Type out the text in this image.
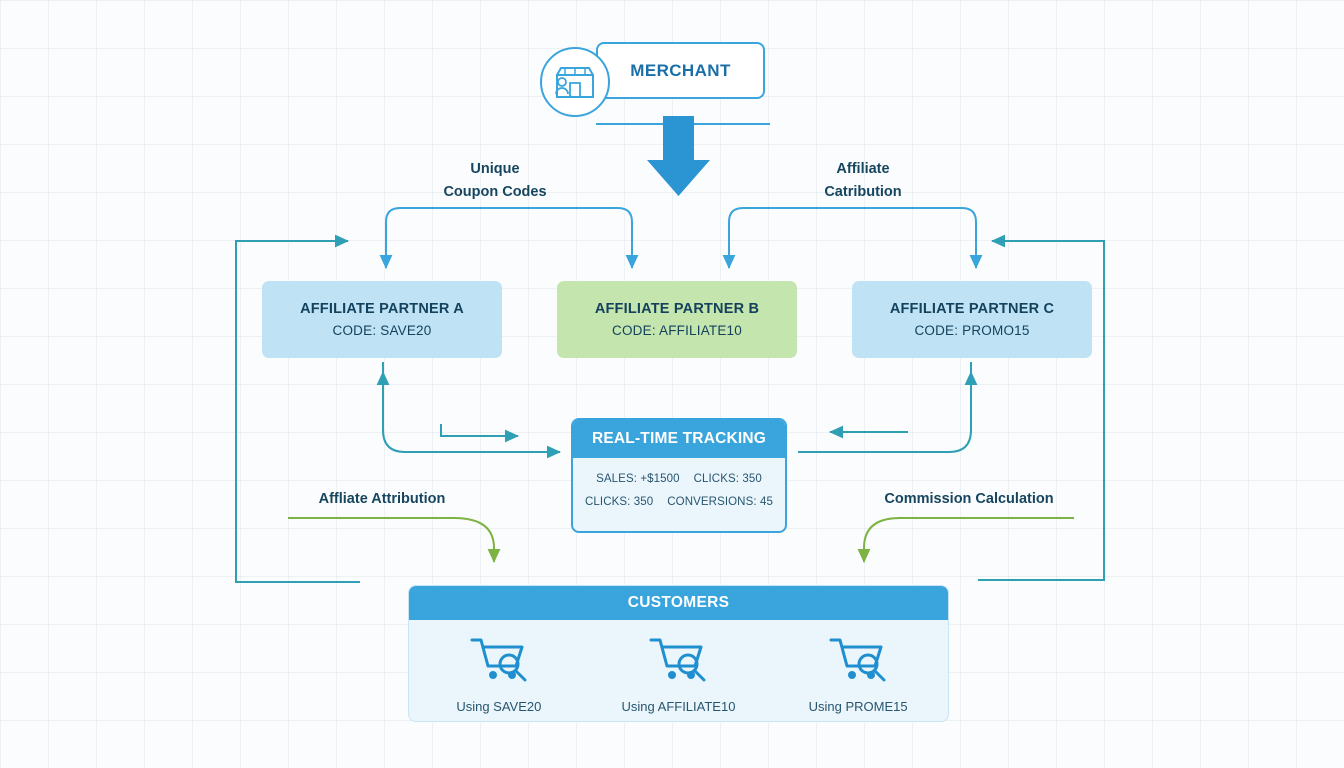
MERCHANT
Unique
Coupon Codes
Affiliate
Catribution
Affliate Attribution	Commission Calculation
AFFILIATE PARTNER A
CODE: SAVE20
AFFILIATE PARTNER B
CODE: AFFILIATE10
AFFILIATE PARTNER C
CODE: PROMO15
REAL-TIME TRACKING
SALES: +$1500 CLICKS: 350
CLICKS: 350 CONVERSIONS: 45
CUSTOMERS
Using SAVE20	Using AFFILIATE10	Using PROME15
